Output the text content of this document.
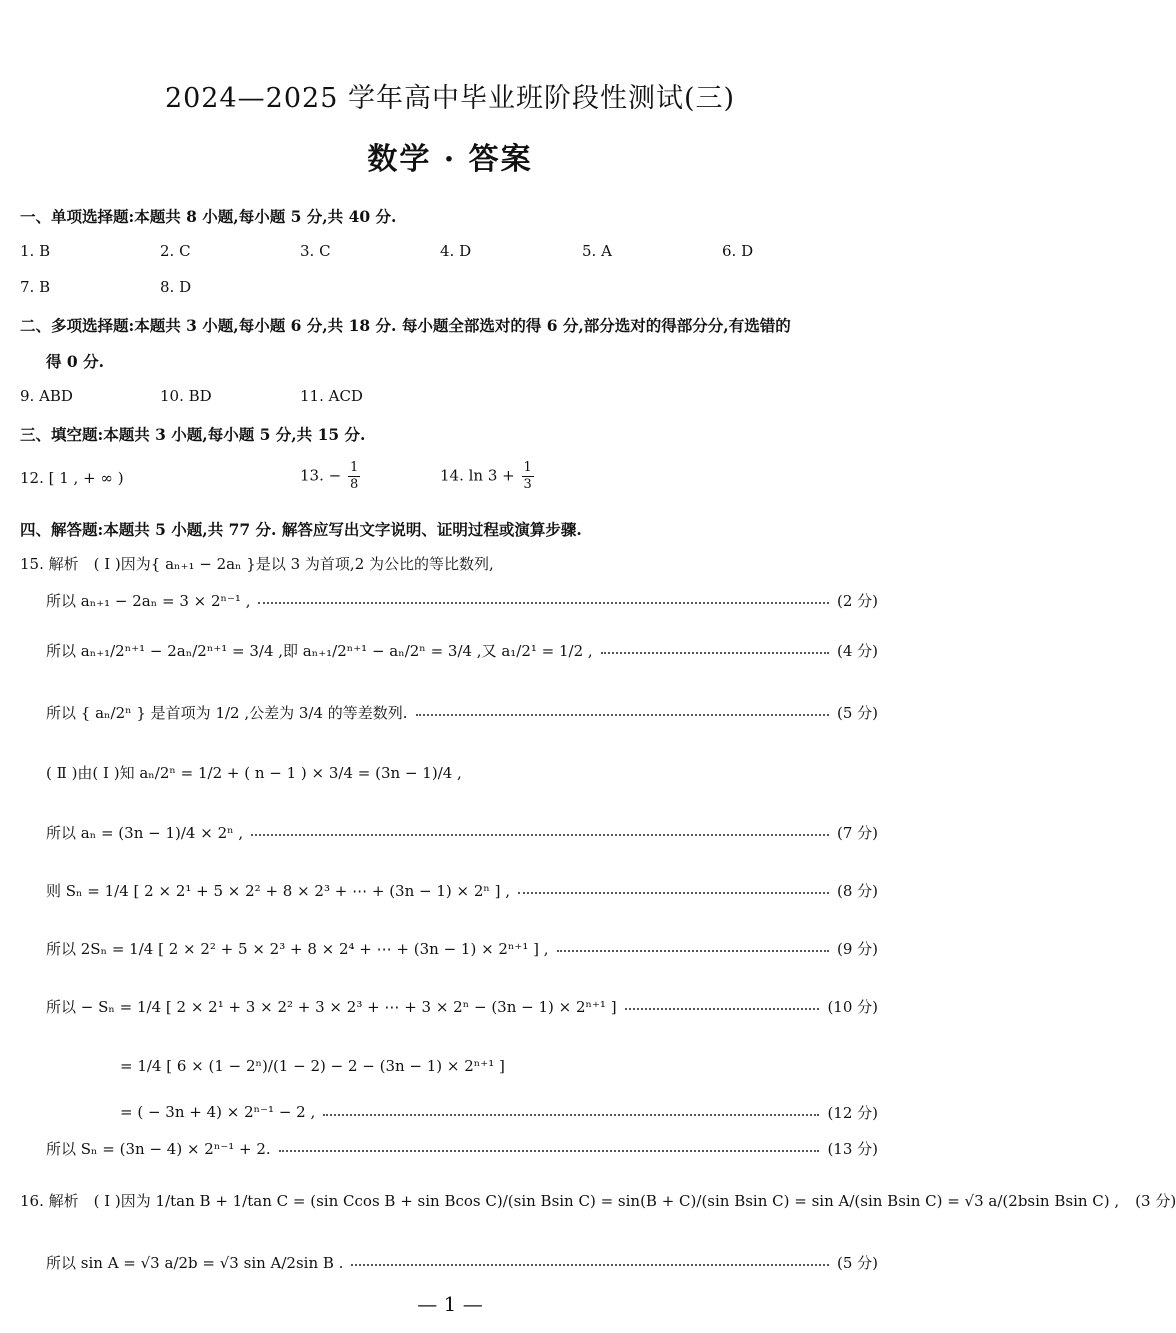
2024—2025 学年高中毕业班阶段性测试(三)
数学 · 答案
一、单项选择题:本题共 8 小题,每小题 5 分,共 40 分.
1. B	2. C	3. C	4. D	5. A	6. D
7. B	8. D
二、多项选择题:本题共 3 小题,每小题 6 分,共 18 分. 每小题全部选对的得 6 分,部分选对的得部分分,有选错的
得 0 分.
9. ABD	10. BD	11. ACD
三、填空题:本题共 3 小题,每小题 5 分,共 15 分.
12. [ 1 , + ∞ )	13. − $\frac{1}{8}$	14. $\ln 3 + \frac{1}{3}$
四、解答题:本题共 5 小题,共 77 分. 解答应写出文字说明、证明过程或演算步骤.
15. 解析　( Ⅰ )因为{ aₙ₊₁ − 2aₙ }是以 3 为首项,2 为公比的等比数列,
所以 aₙ₊₁ − 2aₙ = 3 × 2ⁿ⁻¹ ,	(2 分)
所以 aₙ₊₁/2ⁿ⁺¹ − 2aₙ/2ⁿ⁺¹ = 3/4 ,即 aₙ₊₁/2ⁿ⁺¹ − aₙ/2ⁿ = 3/4 ,又 a₁/2¹ = 1/2 ,	(4 分)
所以 { aₙ/2ⁿ } 是首项为 1/2 ,公差为 3/4 的等差数列.	(5 分)
( Ⅱ )由( Ⅰ )知 aₙ/2ⁿ = 1/2 + ( n − 1 ) × 3/4 = (3n − 1)/4 ,
所以 aₙ = (3n − 1)/4 × 2ⁿ ,	(7 分)
则 Sₙ = 1/4 [ 2 × 2¹ + 5 × 2² + 8 × 2³ + ⋯ + (3n − 1) × 2ⁿ ] ,	(8 分)
所以 2Sₙ = 1/4 [ 2 × 2² + 5 × 2³ + 8 × 2⁴ + ⋯ + (3n − 1) × 2ⁿ⁺¹ ] ,	(9 分)
所以 − Sₙ = 1/4 [ 2 × 2¹ + 3 × 2² + 3 × 2³ + ⋯ + 3 × 2ⁿ − (3n − 1) × 2ⁿ⁺¹ ]	(10 分)
= 1/4 [ 6 × (1 − 2ⁿ)/(1 − 2) − 2 − (3n − 1) × 2ⁿ⁺¹ ]
= ( − 3n + 4) × 2ⁿ⁻¹ − 2 ,	(12 分)
所以 Sₙ = (3n − 4) × 2ⁿ⁻¹ + 2.	(13 分)
16. 解析　( Ⅰ )因为 1/tan B + 1/tan C = (sin Ccos B + sin Bcos C)/(sin Bsin C) = sin(B + C)/(sin Bsin C) = sin A/(sin Bsin C) = √3 a/(2bsin Bsin C) , (3 分)
所以 sin A = √3 a/2b = √3 sin A/2sin B .	(5 分)
— 1 —
